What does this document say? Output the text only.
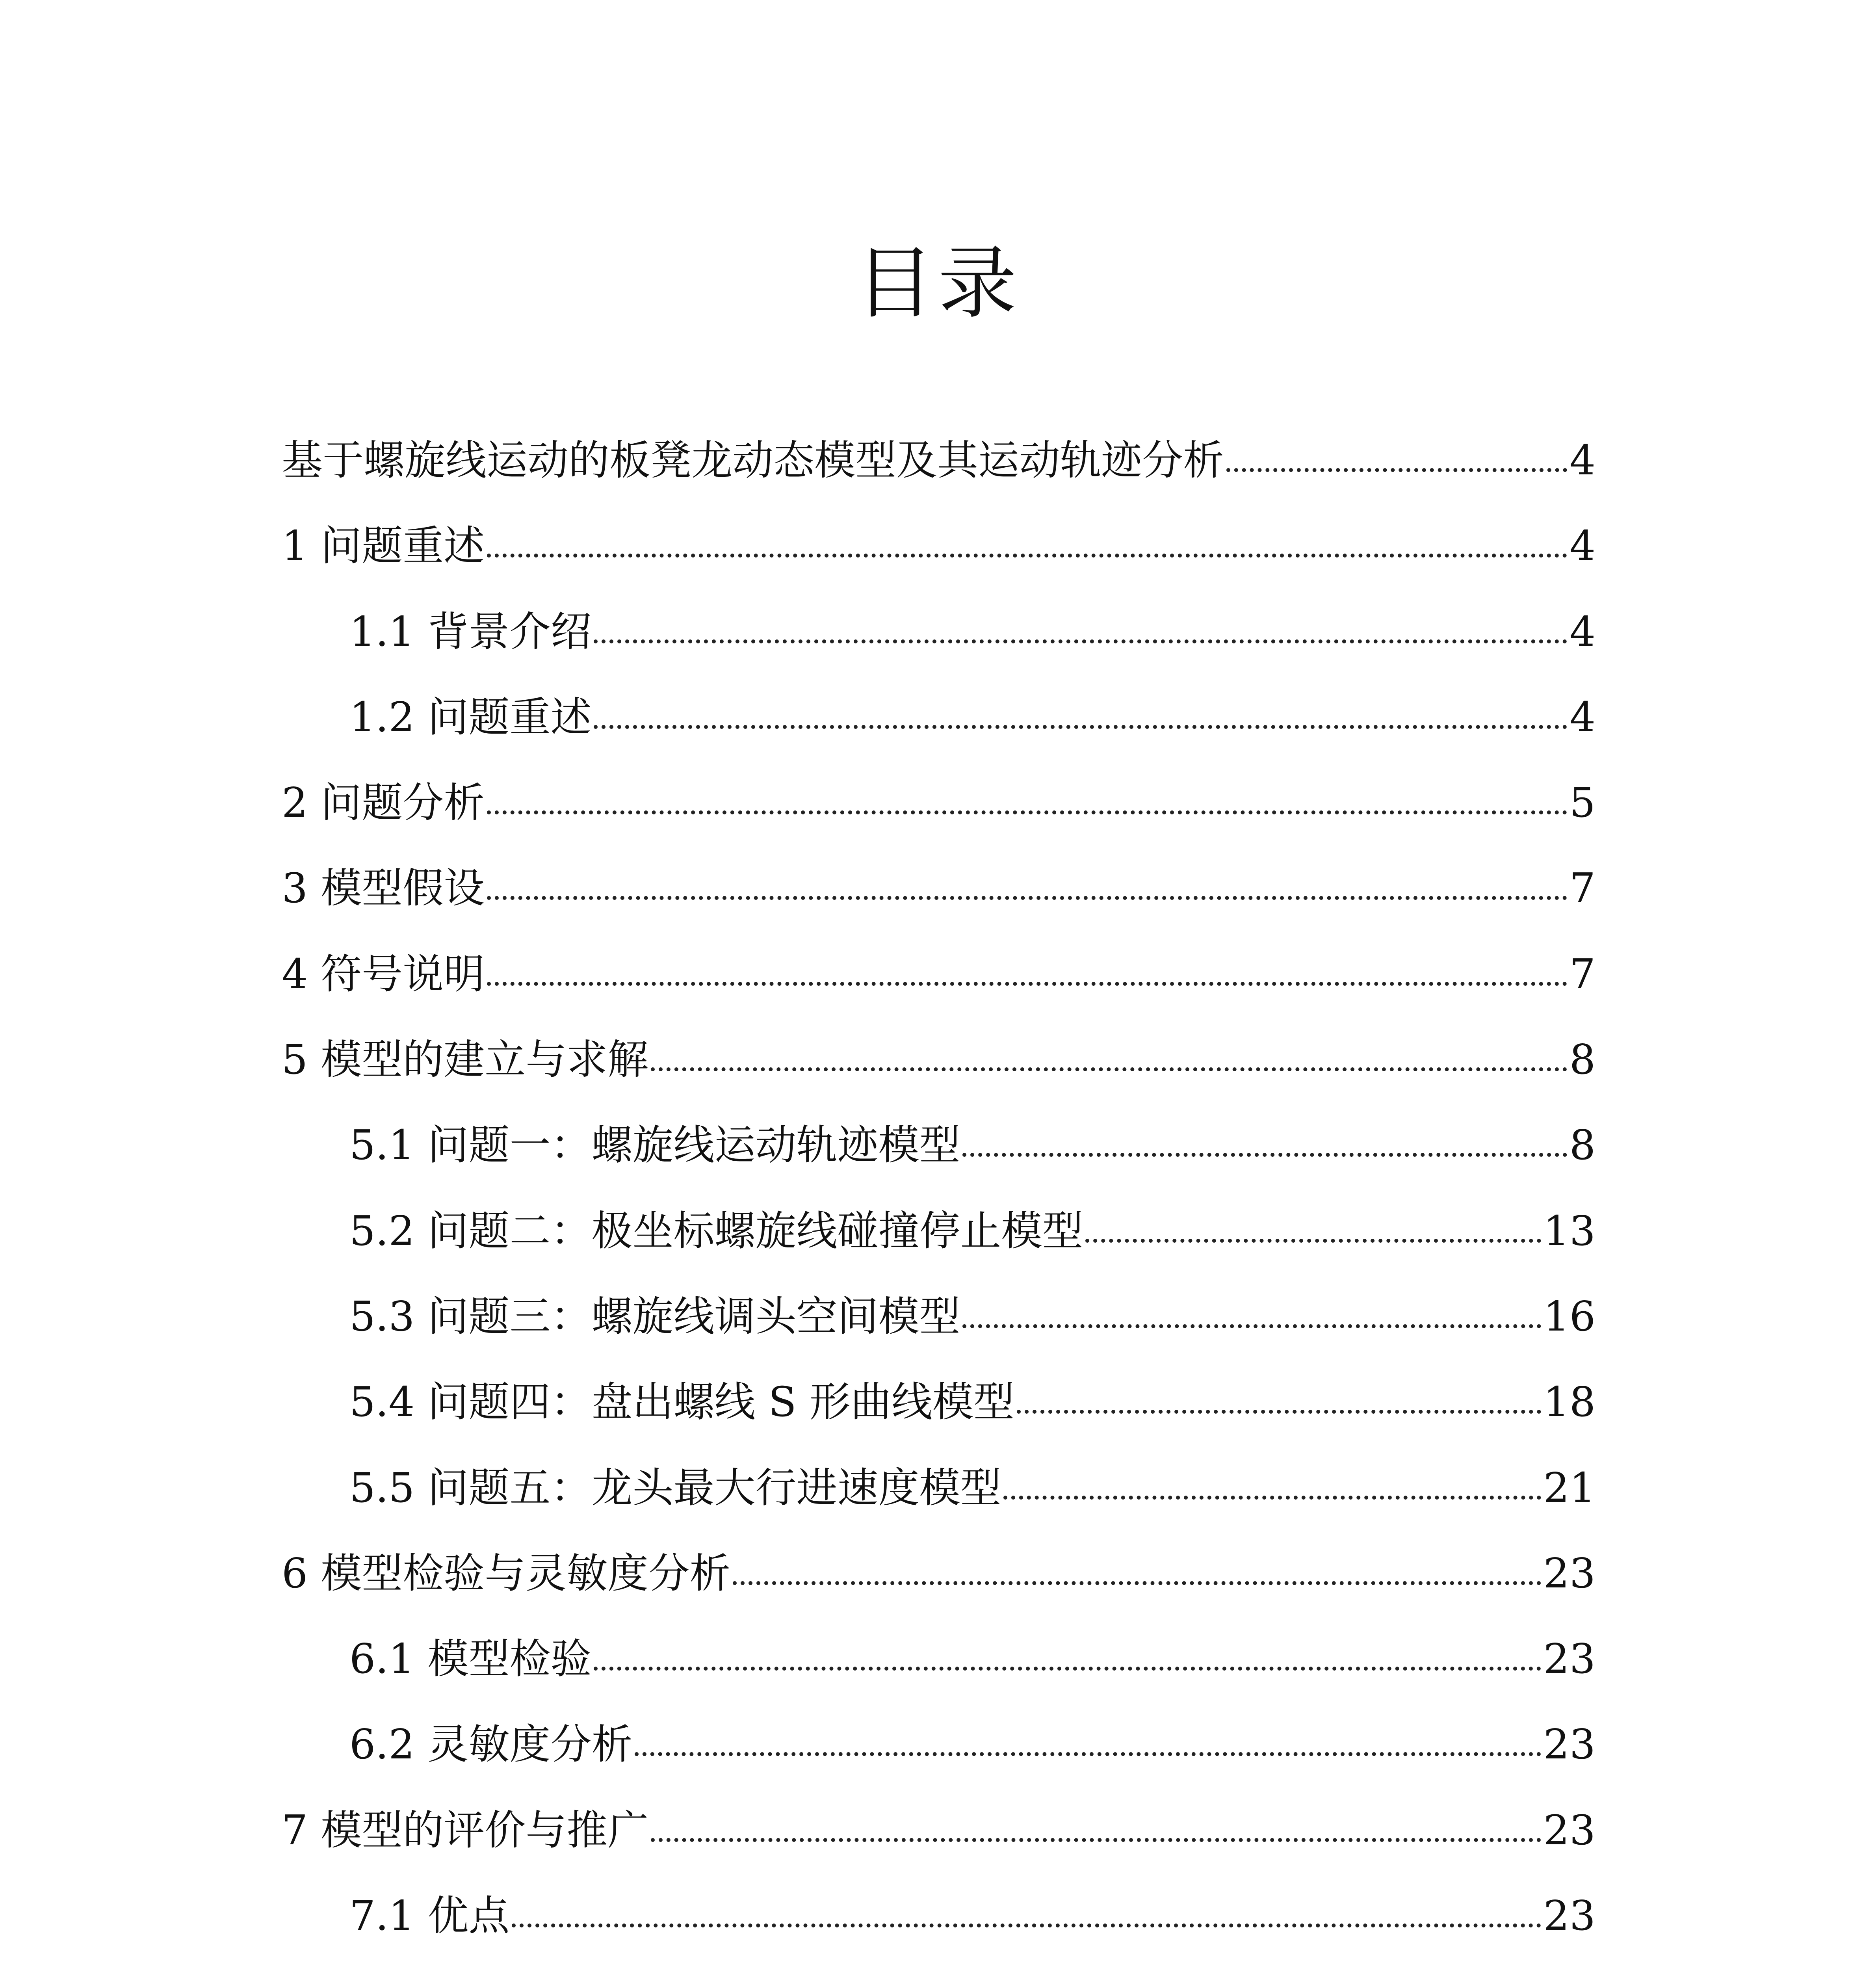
目录
基于螺旋线运动的板凳龙动态模型及其运动轨迹分析	4
1 问题重述	4
1.1 背景介绍	4
1.2 问题重述	4
2 问题分析	5
3 模型假设	7
4 符号说明	7
5 模型的建立与求解	8
5.1 问题一：螺旋线运动轨迹模型	8
5.2 问题二：极坐标螺旋线碰撞停止模型	13
5.3 问题三：螺旋线调头空间模型	16
5.4 问题四：盘出螺线 S 形曲线模型	18
5.5 问题五：龙头最大行进速度模型	21
6 模型检验与灵敏度分析	23
6.1 模型检验	23
6.2 灵敏度分析	23
7 模型的评价与推广	23
7.1 优点	23
